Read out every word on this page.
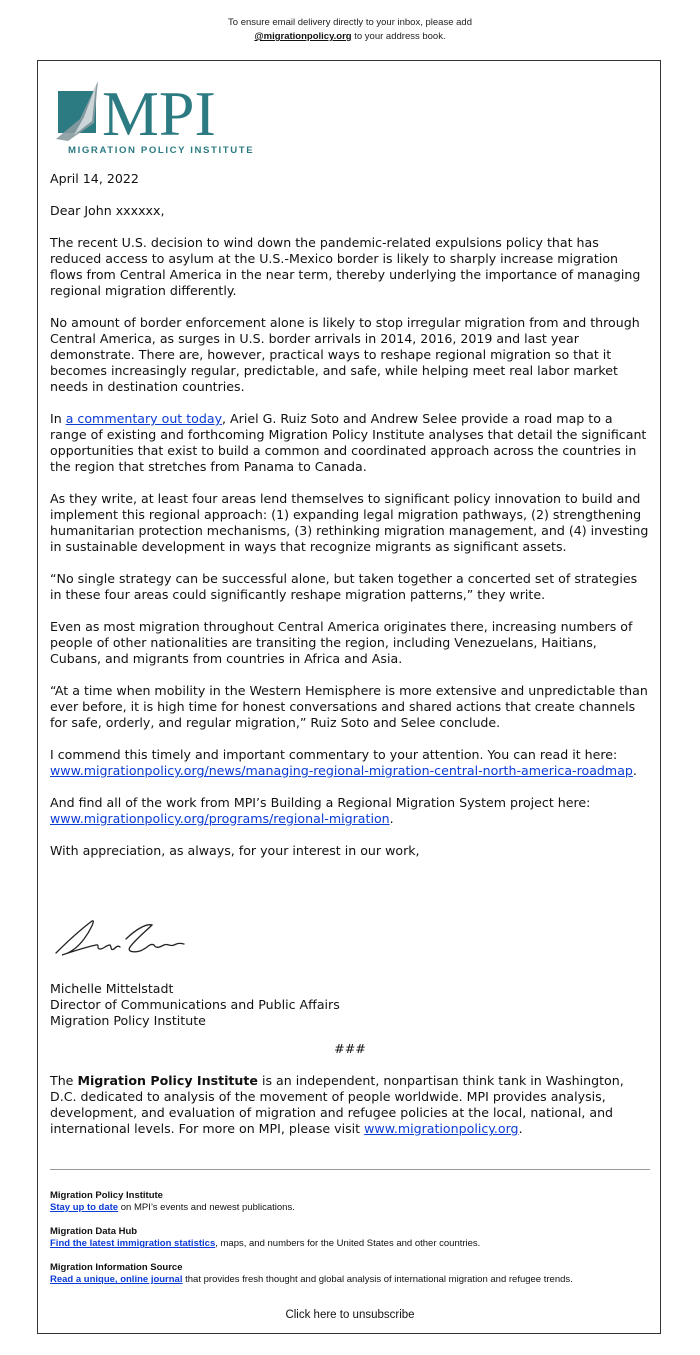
To ensure email delivery directly to your inbox, please add
@migrationpolicy.org to your address book.
MPI
MIGRATION POLICY INSTITUTE

April 14, 2022

Dear John xxxxxx,

The recent U.S. decision to wind down the pandemic-related expulsions policy that has reduced access to asylum at the U.S.-Mexico border is likely to sharply increase migration flows from Central America in the near term, thereby underlying the importance of managing regional migration differently.

No amount of border enforcement alone is likely to stop irregular migration from and through Central America, as surges in U.S. border arrivals in 2014, 2016, 2019 and last year demonstrate. There are, however, practical ways to reshape regional migration so that it becomes increasingly regular, predictable, and safe, while helping meet real labor market needs in destination countries.

In a commentary out today, Ariel G. Ruiz Soto and Andrew Selee provide a road map to a range of existing and forthcoming Migration Policy Institute analyses that detail the significant opportunities that exist to build a common and coordinated approach across the countries in the region that stretches from Panama to Canada.

As they write, at least four areas lend themselves to significant policy innovation to build and implement this regional approach: (1) expanding legal migration pathways, (2) strengthening humanitarian protection mechanisms, (3) rethinking migration management, and (4) investing in sustainable development in ways that recognize migrants as significant assets.

“No single strategy can be successful alone, but taken together a concerted set of strategies in these four areas could significantly reshape migration patterns,” they write.

Even as most migration throughout Central America originates there, increasing numbers of people of other nationalities are transiting the region, including Venezuelans, Haitians, Cubans, and migrants from countries in Africa and Asia.

“At a time when mobility in the Western Hemisphere is more extensive and unpredictable than ever before, it is high time for honest conversations and shared actions that create channels for safe, orderly, and regular migration,” Ruiz Soto and Selee conclude.

I commend this timely and important commentary to your attention. You can read it here: www.migrationpolicy.org/news/managing-regional-migration-central-north-america-roadmap.

And find all of the work from MPI’s Building a Regional Migration System project here: www.migrationpolicy.org/programs/regional-migration.

With appreciation, as always, for your interest in our work,

Michelle Mittelstadt
Director of Communications and Public Affairs
Migration Policy Institute
###
The Migration Policy Institute is an independent, nonpartisan think tank in Washington, D.C. dedicated to analysis of the movement of people worldwide. MPI provides analysis, development, and evaluation of migration and refugee policies at the local, national, and international levels. For more on MPI, please visit www.migrationpolicy.org.
Migration Policy Institute
Stay up to date on MPI’s events and newest publications.
Migration Data Hub
Find the latest immigration statistics, maps, and numbers for the United States and other countries.
Migration Information Source
Read a unique, online journal that provides fresh thought and global analysis of international migration and refugee trends.
Click here to unsubscribe
